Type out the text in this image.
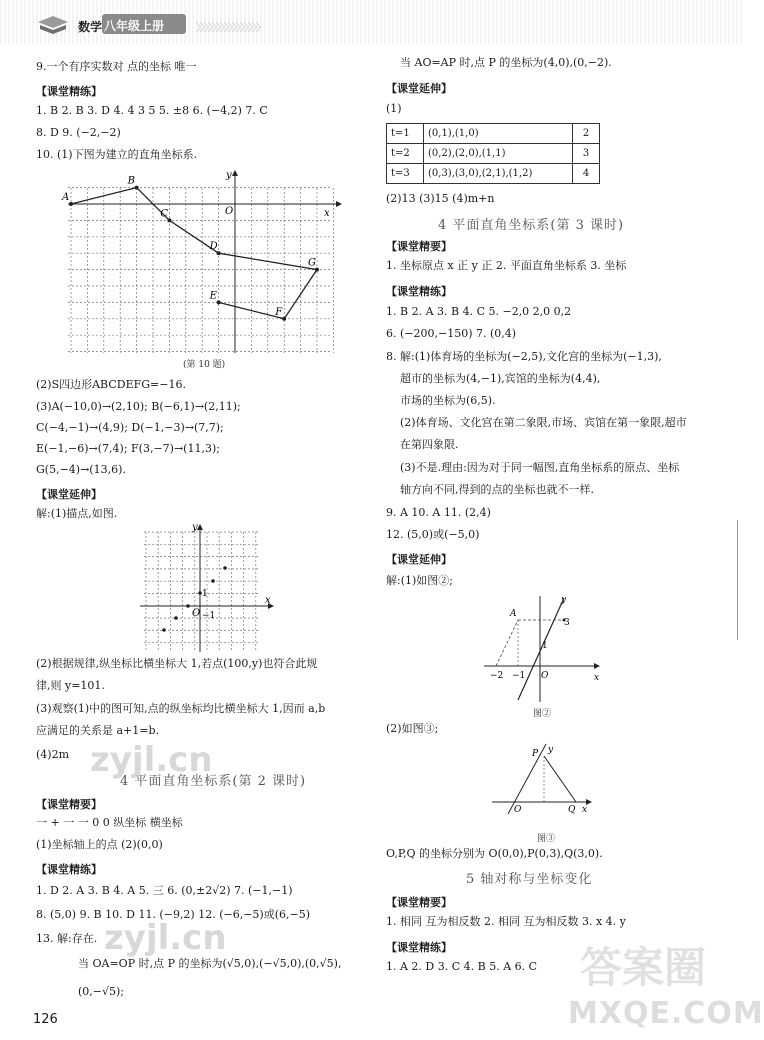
数学 八年级上册	〉〉〉〉〉〉〉〉〉〉〉〉〉〉〉〉
9.一个有序实数对 点的坐标 唯一
【课堂精练】
1. B 2. B 3. D 4. 4 3 5 5. ±8 6. (−4,2) 7. C
8. D 9. (−2,−2)
10. (1)下图为建立的直角坐标系.
x
y
O
A
B
C
D
G
F
E
(第 10 题)
(2)S四边形ABCDEFG=−16.
(3)A(−10,0)→(2,10); B(−6,1)→(2,11);
C(−4,−1)→(4,9); D(−1,−3)→(7,7);
E(−1,−6)→(7,4); F(3,−7)→(11,3);
G(5,−4)→(13,6).
【课堂延伸】
解:(1)描点,如图.
x
y
O −1
1
(2)根据规律,纵坐标比横坐标大 1,若点(100,y)也符合此规
律,则 y=101.
(3)观察(1)中的图可知,点的纵坐标均比横坐标大 1,因而 a,b
应满足的关系是 a+1=b.
(4)2m
4 平面直角坐标系(第 2 课时)
【课堂精要】
一 + 一 一 0 0 纵坐标 横坐标
(1)坐标轴上的点 (2)(0,0)
【课堂精练】
1. D 2. A 3. B 4. A 5. 三 6. (0,±2√2) 7. (−1,−1)
8. (5,0) 9. B 10. D 11. (−9,2) 12. (−6,−5)或(6,−5)
13. 解:存在.
当 OA=OP 时,点 P 的坐标为(√5,0),(−√5,0),(0,√5),
(0,−√5);
当 AO=AP 时,点 P 的坐标为(4,0),(0,−2).
【课堂延伸】
(1)
t=1	(0,1),(1,0)	2
t=2	(0,2),(2,0),(1,1)	3
t=3	(0,3),(3,0),(2,1),(1,2)	4
(2)13 (3)15 (4)m+n
4 平面直角坐标系(第 3 课时)
【课堂精要】
1. 坐标原点 x 正 y 正 2. 平面直角坐标系 3. 坐标
【课堂精练】
1. B 2. A 3. B 4. C 5. −2,0 2,0 0,2
6. (−200,−150) 7. (0,4)
8. 解:(1)体育场的坐标为(−2,5),文化宫的坐标为(−1,3),
超市的坐标为(4,−1),宾馆的坐标为(4,4),
市场的坐标为(6,5).
(2)体育场、文化宫在第二象限,市场、宾馆在第一象限,超市
在第四象限.
(3)不是.理由:因为对于同一幅图,直角坐标系的原点、坐标
轴方向不同,得到的点的坐标也就不一样.
9. A 10. A 11. (2,4)
12. (5,0)或(−5,0)
【课堂延伸】
解:(1)如图②;
A
y
x
3
1
−1
−2	O
图②
(2)如图③;
P y
O	Q x
图③
O,P,Q 的坐标分别为 O(0,0),P(0,3),Q(3,0).
5 轴对称与坐标变化
【课堂精要】
1. 相同 互为相反数 2. 相同 互为相反数 3. x 4. y
【课堂精练】
1. A 2. D 3. C 4. B 5. A 6. C
zyjl.cn
zyjl.cn
答案圈
MXQE.COM
126
